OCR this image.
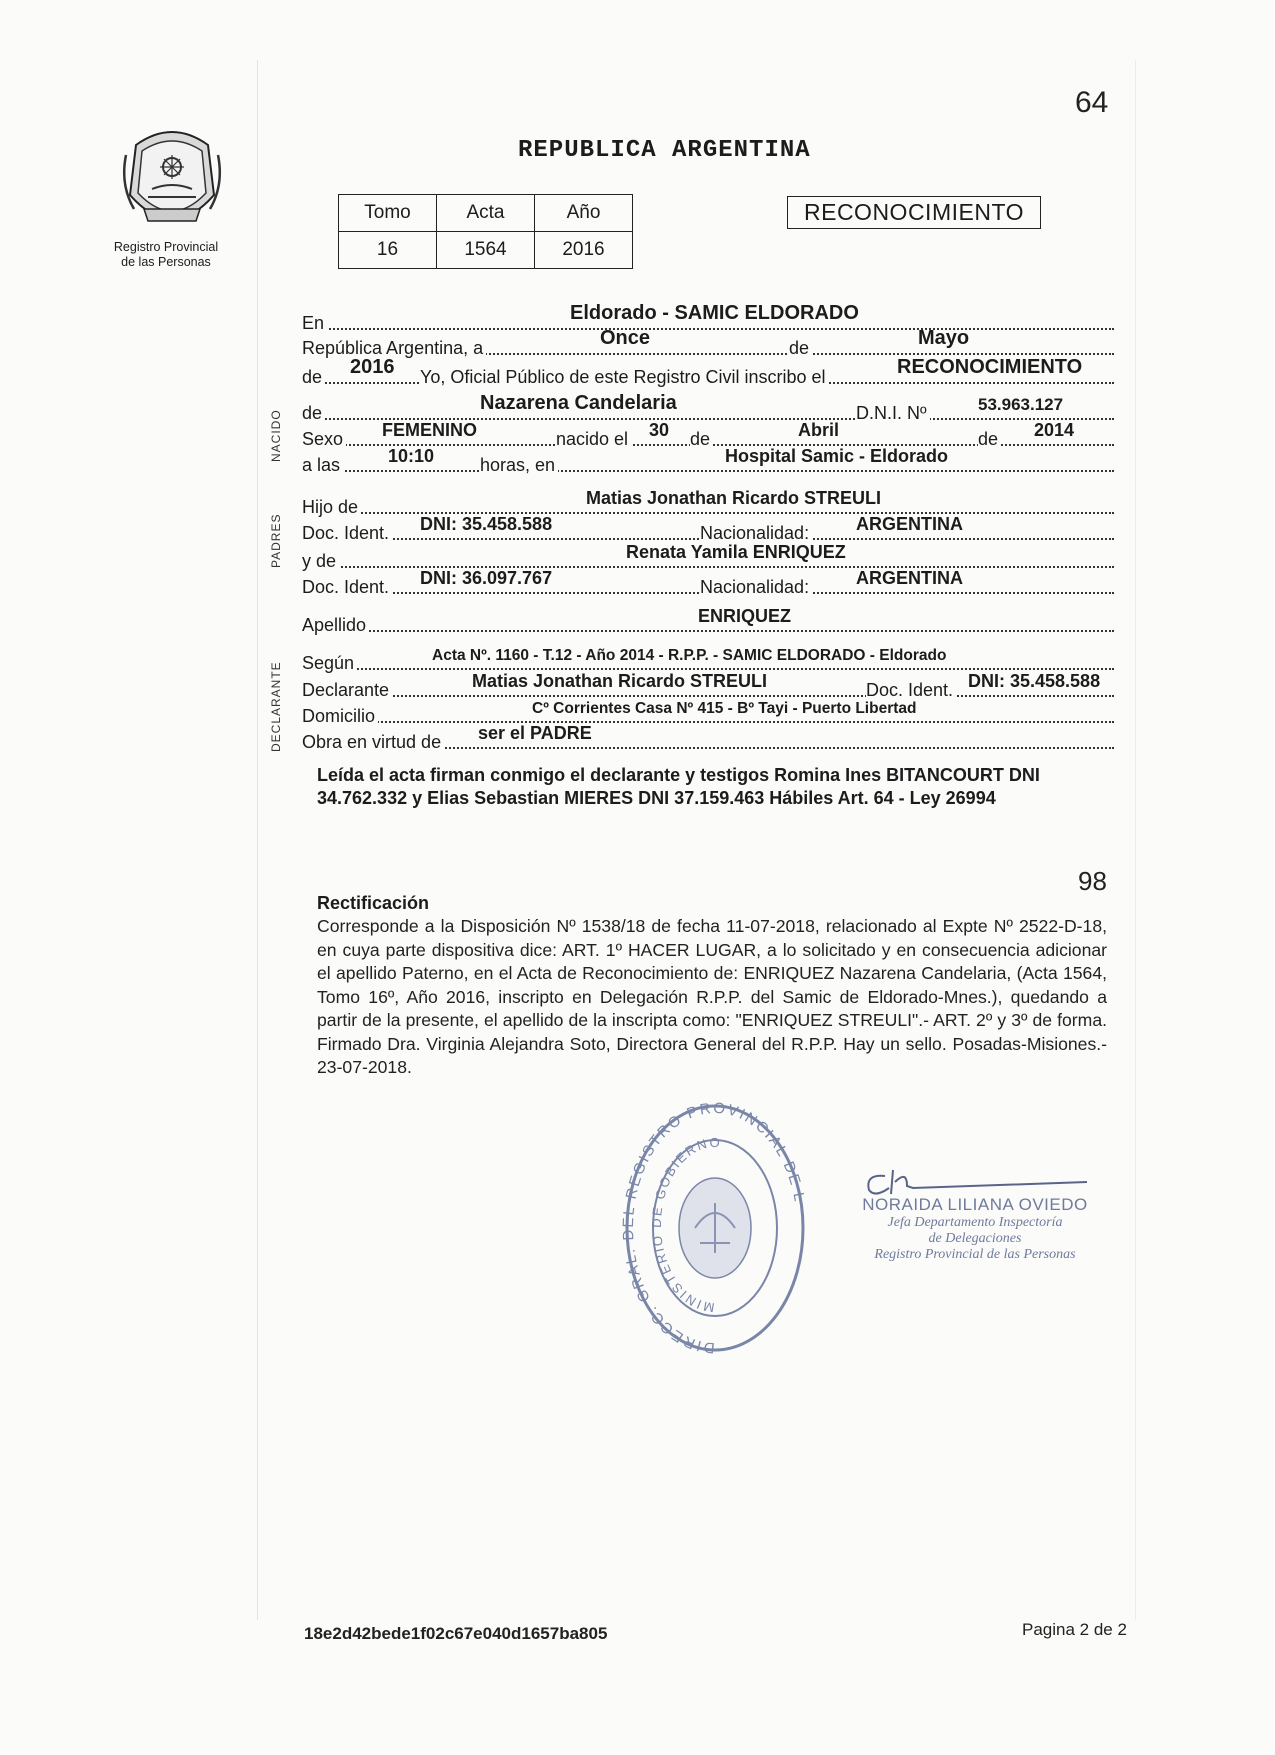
Registro Provincial
de las Personas
64
REPUBLICA ARGENTINA
Tomo	Acta	Año
16	1564	2016
RECONOCIMIENTO
NACIDO
PADRES
DECLARANTE
En	Eldorado - SAMIC ELDORADO
República Argentina, a	Once	de	Mayo
de 2016 Yo, Oficial Público de este Registro Civil inscribo el	RECONOCIMIENTO
de	Nazarena Candelaria	D.N.I. Nº	53.963.127
Sexo FEMENINO	nacido el 30 de	Abril	de 2014
a las	10:10	horas, en	Hospital Samic - Eldorado
Hijo de	Matias Jonathan Ricardo STREULI
Doc. Ident. DNI: 35.458.588	Nacionalidad:	ARGENTINA
y de	Renata Yamila ENRIQUEZ
Doc. Ident. DNI: 36.097.767	Nacionalidad:	ARGENTINA
Apellido	ENRIQUEZ
Según	Acta Nº. 1160 - T.12 - Año 2014 - R.P.P. - SAMIC ELDORADO - Eldorado
Declarante	Matias Jonathan Ricardo STREULI	Doc. Ident. DNI: 35.458.588
Domicilio	Cº Corrientes Casa Nº 415 - Bº Tayi - Puerto Libertad
Obra en virtud de ser el PADRE
Leída el acta firman conmigo el declarante y testigos Romina Ines BITANCOURT DNI 34.762.332 y Elias Sebastian MIERES DNI 37.159.463 Hábiles Art. 64 - Ley 26994
98
Rectificación
Corresponde a la Disposición Nº 1538/18 de fecha 11-07-2018, relacionado al Expte Nº 2522-D-18, en cuya parte dispositiva dice: ART. 1º HACER LUGAR, a lo solicitado y en consecuencia adicionar el apellido Paterno, en el Acta de Reconocimiento de: ENRIQUEZ Nazarena Candelaria, (Acta 1564, Tomo 16º, Año 2016, inscripto en Delegación R.P.P. del Samic de Eldorado-Mnes.), quedando a partir de la presente, el apellido de la inscripta como: "ENRIQUEZ STREULI".- ART. 2º y 3º de forma. Firmado Dra. Virginia Alejandra Soto, Directora General del R.P.P. Hay un sello. Posadas-Misiones.- 23-07-2018.
DIRECC. GRAL. DEL REGISTRO PROVINCIAL DE L
MINISTERIO DE GOBIERNO
NORAIDA LILIANA OVIEDO
Jefa Departamento Inspectoría
de Delegaciones
Registro Provincial de las Personas
18e2d42bede1f02c67e040d1657ba805	Pagina 2 de 2
